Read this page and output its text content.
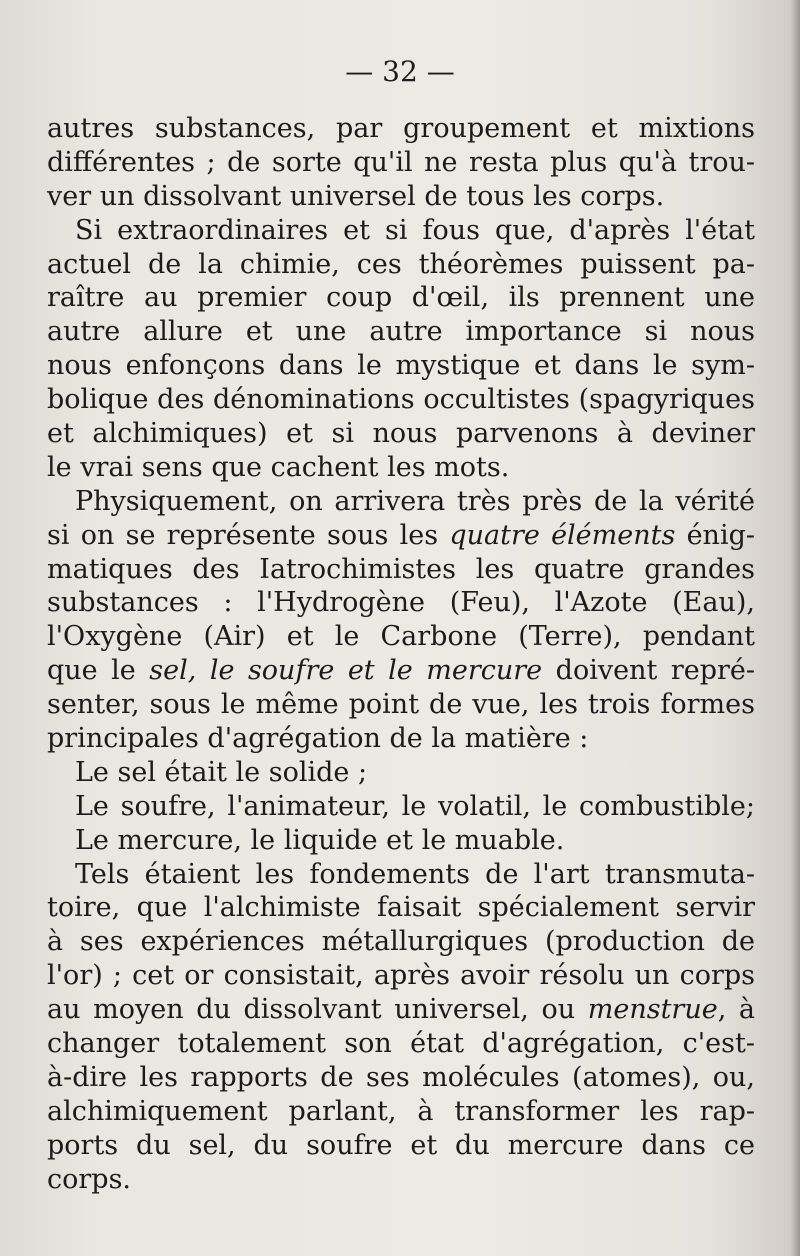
— 32 —
autres substances, par groupement et mixtions
différentes ; de sorte qu'il ne resta plus qu'à trou-
ver un dissolvant universel de tous les corps.
Si extraordinaires et si fous que, d'après l'état
actuel de la chimie, ces théorèmes puissent pa-
raître au premier coup d'œil, ils prennent une
autre allure et une autre importance si nous
nous enfonçons dans le mystique et dans le sym-
bolique des dénominations occultistes (spagyriques
et alchimiques) et si nous parvenons à deviner
le vrai sens que cachent les mots.
Physiquement, on arrivera très près de la vérité
si on se représente sous les quatre éléments énig-
matiques des Iatrochimistes les quatre grandes
substances : l'Hydrogène (Feu), l'Azote (Eau),
l'Oxygène (Air) et le Carbone (Terre), pendant
que le sel, le soufre et le mercure doivent repré-
senter, sous le même point de vue, les trois formes
principales d'agrégation de la matière :
Le sel était le solide ;
Le soufre, l'animateur, le volatil, le combustible;
Le mercure, le liquide et le muable.
Tels étaient les fondements de l'art transmuta-
toire, que l'alchimiste faisait spécialement servir
à ses expériences métallurgiques (production de
l'or) ; cet or consistait, après avoir résolu un corps
au moyen du dissolvant universel, ou menstrue, à
changer totalement son état d'agrégation, c'est-
à-dire les rapports de ses molécules (atomes), ou,
alchimiquement parlant, à transformer les rap-
ports du sel, du soufre et du mercure dans ce
corps.
